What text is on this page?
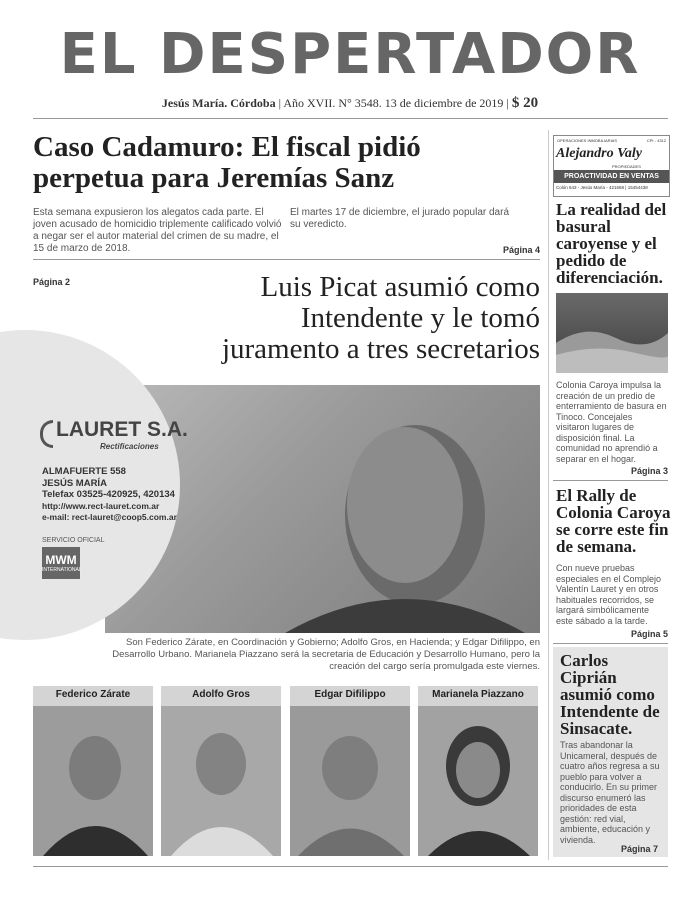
EL DESPERTADOR
Jesús María. Córdoba | Año XVII. N° 3548. 13 de diciembre de 2019 | $ 20
Caso Cadamuro: El fiscal pidió perpetua para Jeremías Sanz
Esta semana expusieron los alegatos cada parte. El joven acusado de homicidio triplemente calificado volvió a negar ser el autor material del crimen de su madre, el 15 de marzo de 2018.
El martes 17 de diciembre, el jurado popular dará su veredicto.
Página 4
Página 2	Luis Picat asumió como
Intendente y le tomó
juramento a tres secretarios
LAURET S.A.
Rectificaciones
ALMAFUERTE 558
JESÚS MARÍA
Telefax 03525-420925, 420134
http://www.rect-lauret.com.ar
e-mail: rect-lauret@coop5.com.ar
SERVICIO OFICIAL
MWM
INTERNATIONAL
Son Federico Zárate, en Coordinación y Gobierno; Adolfo Gros, en Hacienda; y Edgar Difilippo, en Desarrollo Urbano. Marianela Piazzano será la secretaria de Educación y Desarrollo Humano, pero la creación del cargo sería promulgada este viernes.
Federico Zárate	Adolfo Gros	Edgar Difilippo	Marianela Piazzano
OPERACIONES INMOBILIARIAS	CPI - 4312
Alejandro Valy
PROPIEDADES
PROACTIVIDAD EN VENTAS
Colón 643 - Jesús María - 421668 | 15454438
La realidad del basural caroyense y el pedido de diferenciación.
Colonia Caroya impulsa la creación de un predio de enterramiento de basura en Tinoco. Concejales visitaron lugares de disposición final. La comunidad no aprendió a separar en el hogar.
Página 3
El Rally de Colonia Caroya se corre este fin de semana.
Con nueve pruebas especiales en el Complejo Valentín Lauret y en otros habituales recorridos, se largará simbólicamente este sábado a la tarde.
Página 5
Carlos Ciprián asumió como Intendente de Sinsacate.
Tras abandonar la Unicameral, después de cuatro años regresa a su pueblo para volver a conducirlo. En su primer discurso enumeró las prioridades de esta gestión: red vial, ambiente, educación y vivienda.
Página 7
